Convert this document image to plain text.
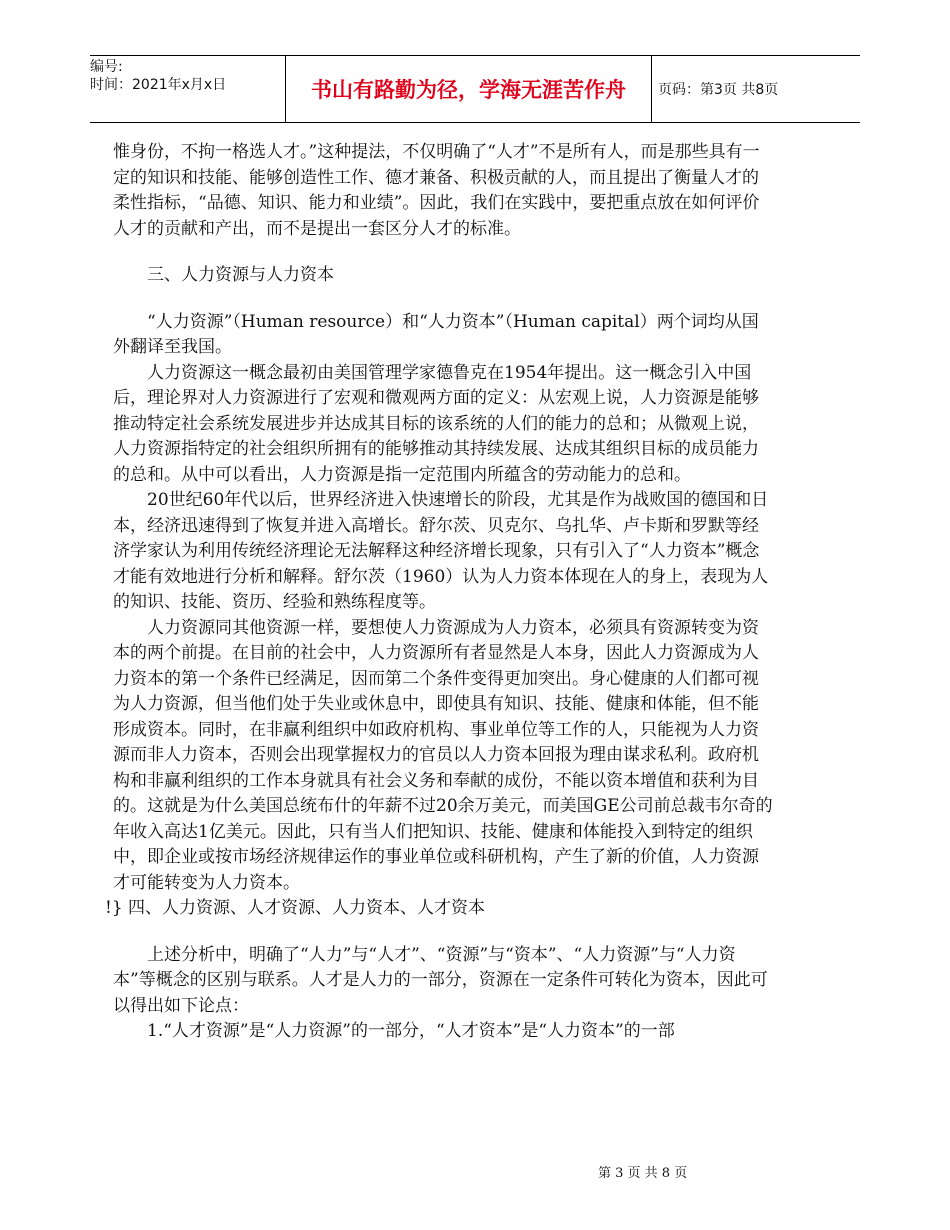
编号:
时间：2021年x月x日	书山有路勤为径，学海无涯苦作舟	页码：第3页 共8页

惟身份，不拘一格选人才。”这种提法，不仅明确了“人才”不是所有人，而是那些具有一定的知识和技能、能够创造性工作、德才兼备、积极贡献的人，而且提出了衡量人才的柔性指标，“品德、知识、能力和业绩”。因此，我们在实践中，要把重点放在如何评价人才的贡献和产出，而不是提出一套区分人才的标准。

三、人力资源与人力资本

“人力资源”（Human resource）和“人力资本”（Human capital）两个词均从国外翻译至我国。

人力资源这一概念最初由美国管理学家德鲁克在1954年提出。这一概念引入中国后，理论界对人力资源进行了宏观和微观两方面的定义：从宏观上说，人力资源是能够推动特定社会系统发展进步并达成其目标的该系统的人们的能力的总和；从微观上说，人力资源指特定的社会组织所拥有的能够推动其持续发展、达成其组织目标的成员能力的总和。从中可以看出，人力资源是指一定范围内所蕴含的劳动能力的总和。

20世纪60年代以后，世界经济进入快速增长的阶段，尤其是作为战败国的德国和日本，经济迅速得到了恢复并进入高增长。舒尔茨、贝克尔、乌扎华、卢卡斯和罗默等经济学家认为利用传统经济理论无法解释这种经济增长现象，只有引入了“人力资本”概念才能有效地进行分析和解释。舒尔茨（1960）认为人力资本体现在人的身上，表现为人的知识、技能、资历、经验和熟练程度等。

人力资源同其他资源一样，要想使人力资源成为人力资本，必须具有资源转变为资本的两个前提。在目前的社会中，人力资源所有者显然是人本身，因此人力资源成为人力资本的第一个条件已经满足，因而第二个条件变得更加突出。身心健康的人们都可视为人力资源，但当他们处于失业或休息中，即使具有知识、技能、健康和体能，但不能形成资本。同时，在非赢利组织中如政府机构、事业单位等工作的人，只能视为人力资源而非人力资本，否则会出现掌握权力的官员以人力资本回报为理由谋求私利。政府机构和非赢利组织的工作本身就具有社会义务和奉献的成份，不能以资本增值和获利为目的。这就是为什么美国总统布什的年薪不过20余万美元，而美国GE公司前总裁韦尔奇的年收入高达1亿美元。因此，只有当人们把知识、技能、健康和体能投入到特定的组织中，即企业或按市场经济规律运作的事业单位或科研机构，产生了新的价值，人力资源才可能转变为人力资本。

!} 四、人力资源、人才资源、人力资本、人才资本

上述分析中，明确了“人力”与“人才”、“资源”与“资本”、“人力资源”与“人力资本”等概念的区别与联系。人才是人力的一部分，资源在一定条件可转化为资本，因此可以得出如下论点：

1.“人才资源”是“人力资源”的一部分，“人才资本”是“人力资本”的一部

第 3 页 共 8 页
